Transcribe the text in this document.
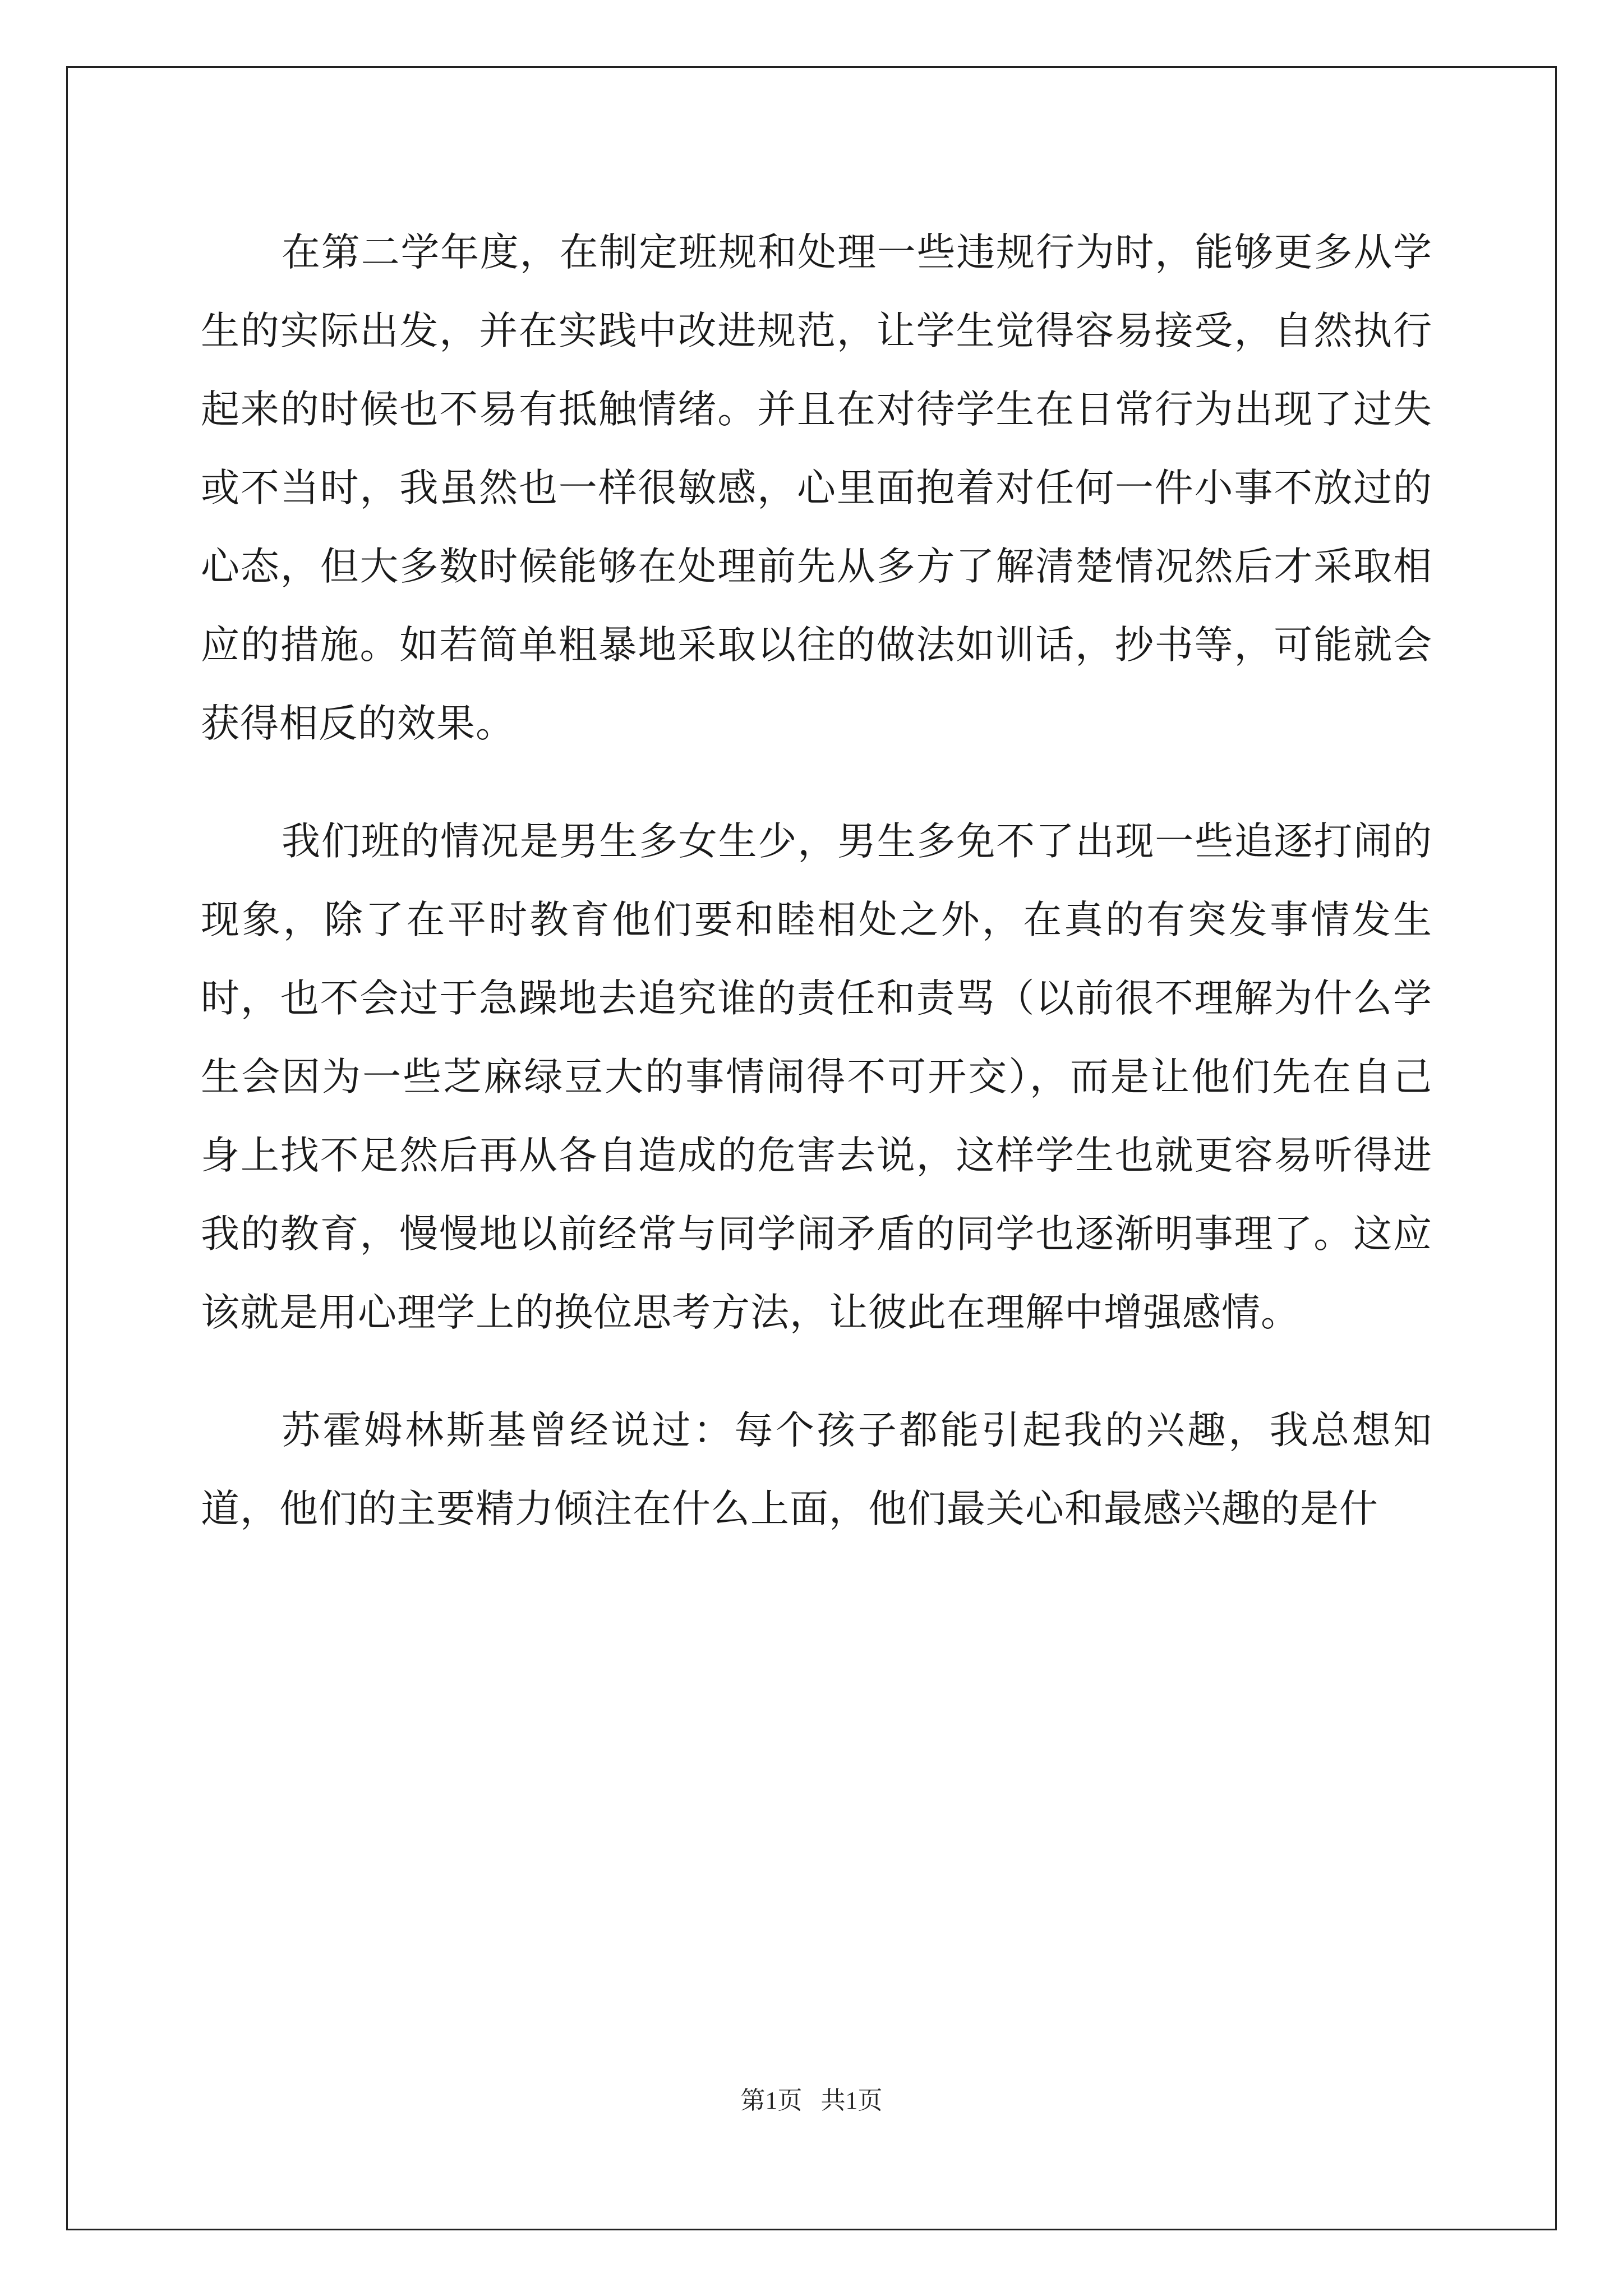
在第二学年度，在制定班规和处理一些违规行为时，能够更多从学生的实际出发，并在实践中改进规范，让学生觉得容易接受，自然执行起来的时候也不易有抵触情绪。并且在对待学生在日常行为出现了过失或不当时，我虽然也一样很敏感，心里面抱着对任何一件小事不放过的心态，但大多数时候能够在处理前先从多方了解清楚情况然后才采取相应的措施。如若简单粗暴地采取以往的做法如训话，抄书等，可能就会获得相反的效果。

我们班的情况是男生多女生少，男生多免不了出现一些追逐打闹的现象，除了在平时教育他们要和睦相处之外，在真的有突发事情发生时，也不会过于急躁地去追究谁的责任和责骂（以前很不理解为什么学生会因为一些芝麻绿豆大的事情闹得不可开交），而是让他们先在自己身上找不足然后再从各自造成的危害去说，这样学生也就更容易听得进我的教育，慢慢地以前经常与同学闹矛盾的同学也逐渐明事理了。这应该就是用心理学上的换位思考方法，让彼此在理解中增强感情。

苏霍姆林斯基曾经说过：每个孩子都能引起我的兴趣，我总想知道，他们的主要精力倾注在什么上面，他们最关心和最感兴趣的是什

第1页 共1页
